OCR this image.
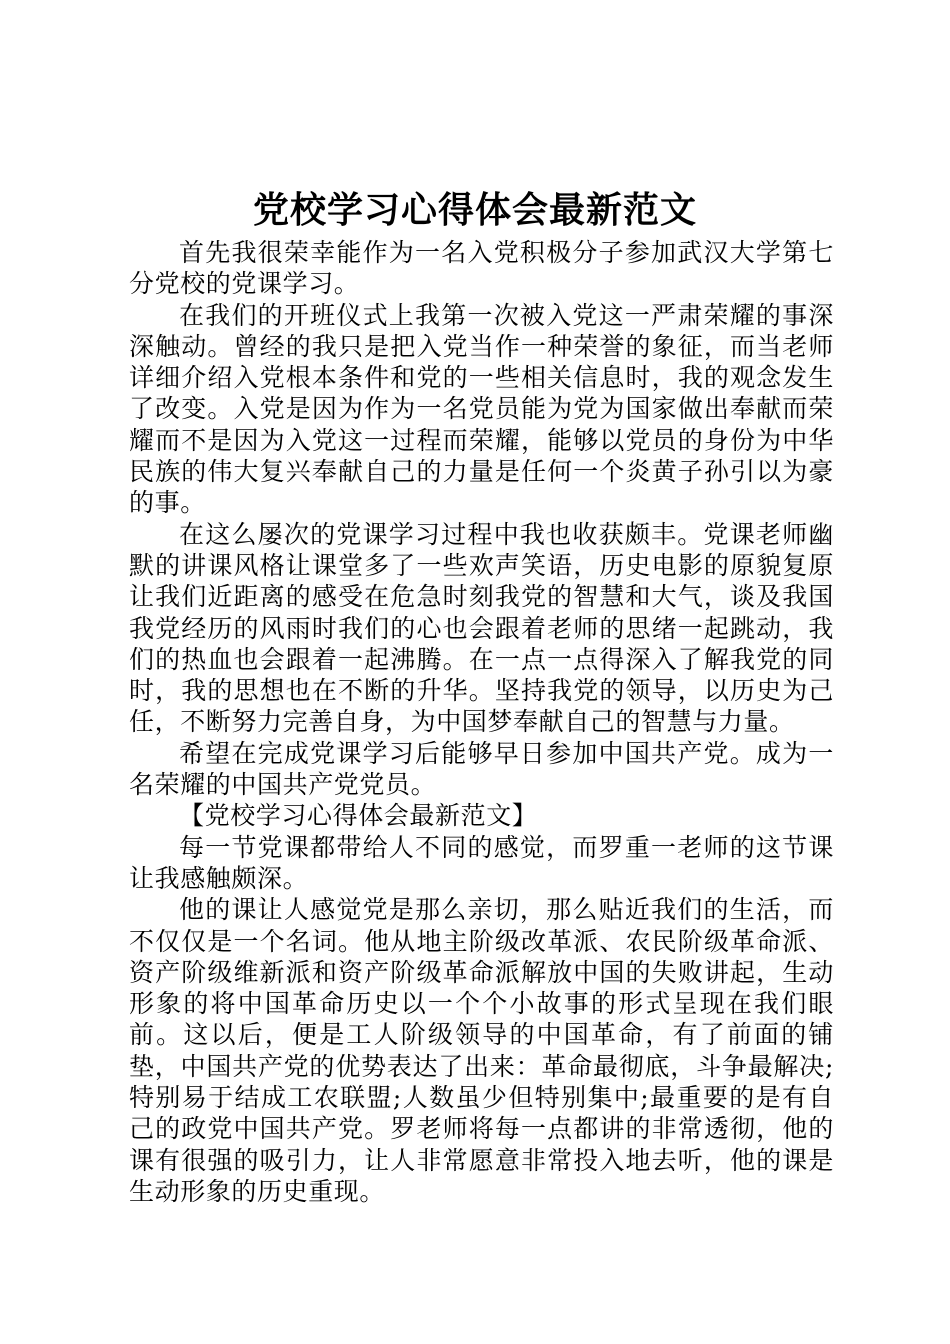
党校学习心得体会最新范文

首先我很荣幸能作为一名入党积极分子参加武汉大学第七分党校的党课学习。

在我们的开班仪式上我第一次被入党这一严肃荣耀的事深深触动。曾经的我只是把入党当作一种荣誉的象征，而当老师详细介绍入党根本条件和党的一些相关信息时，我的观念发生了改变。入党是因为作为一名党员能为党为国家做出奉献而荣耀而不是因为入党这一过程而荣耀，能够以党员的身份为中华民族的伟大复兴奉献自己的力量是任何一个炎黄子孙引以为豪的事。

在这么屡次的党课学习过程中我也收获颇丰。党课老师幽默的讲课风格让课堂多了一些欢声笑语，历史电影的原貌复原让我们近距离的感受在危急时刻我党的智慧和大气，谈及我国我党经历的风雨时我们的心也会跟着老师的思绪一起跳动，我们的热血也会跟着一起沸腾。在一点一点得深入了解我党的同时，我的思想也在不断的升华。坚持我党的领导，以历史为己任，不断努力完善自身，为中国梦奉献自己的智慧与力量。

希望在完成党课学习后能够早日参加中国共产党。成为一名荣耀的中国共产党党员。

【党校学习心得体会最新范文】

每一节党课都带给人不同的感觉，而罗重一老师的这节课让我感触颇深。

他的课让人感觉党是那么亲切，那么贴近我们的生活，而不仅仅是一个名词。他从地主阶级改革派、农民阶级革命派、资产阶级维新派和资产阶级革命派解放中国的失败讲起，生动形象的将中国革命历史以一个个小故事的形式呈现在我们眼前。这以后，便是工人阶级领导的中国革命，有了前面的铺垫，中国共产党的优势表达了出来：革命最彻底，斗争最解决;特别易于结成工农联盟;人数虽少但特别集中;最重要的是有自己的政党中国共产党。罗老师将每一点都讲的非常透彻，他的课有很强的吸引力，让人非常愿意非常投入地去听，他的课是生动形象的历史重现。
